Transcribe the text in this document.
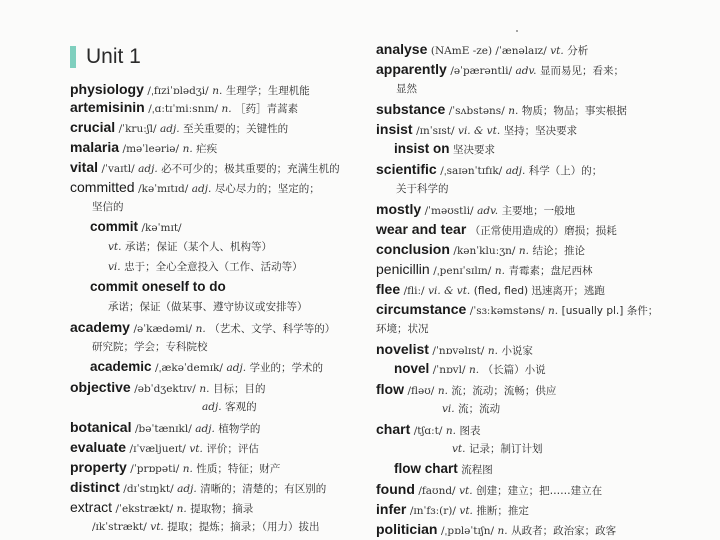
Unit 1
physiology /ˌfɪziˈɒlədʒi/ n. 生理学；生理机能
artemisinin /ˌɑːtɪˈmiːsnɪn/ n. ［药］青蒿素
crucial /ˈkruːʃl/ adj. 至关重要的；关键性的
malaria /məˈleəriə/ n. 疟疾
vital /ˈvaɪtl/ adj. 必不可少的；极其重要的；充满生机的
committed /kəˈmɪtɪd/ adj. 尽心尽力的；坚定的；
坚信的
commit /kəˈmɪt/
vt. 承诺；保证（某个人、机构等）
vi. 忠于；全心全意投入（工作、活动等）
commit oneself to do
承诺；保证（做某事、遵守协议或安排等）
academy /əˈkædəmi/ n. （艺术、文学、科学等的）
研究院；学会；专科院校
academic /ˌækəˈdemɪk/ adj. 学业的；学术的
objective /əbˈdʒektɪv/ n. 目标；目的
adj. 客观的
botanical /bəˈtænɪkl/ adj. 植物学的
evaluate /ɪˈvæljueɪt/ vt. 评价；评估
property /ˈprɒpəti/ n. 性质；特征；财产
distinct /dɪˈstɪŋkt/ adj. 清晰的；清楚的；有区别的
extract /ˈekstrækt/ n. 提取物；摘录
/ɪkˈstrækt/ vt. 提取；提炼；摘录；（用力）拔出
analyse (NAmE -ze) /ˈænəlaɪz/ vt. 分析
apparently /əˈpærəntli/ adv. 显而易见；看来；
显然
substance /ˈsʌbstəns/ n. 物质；物品；事实根据
insist /ɪnˈsɪst/ vi. & vt. 坚持；坚决要求
insist on 坚决要求
scientific /ˌsaɪənˈtɪfɪk/ adj. 科学（上）的；
关于科学的
mostly /ˈməʊstli/ adv. 主要地；一般地
wear and tear （正常使用造成的）磨损；损耗
conclusion /kənˈkluːʒn/ n. 结论；推论
penicillin /ˌpenɪˈsɪlɪn/ n. 青霉素；盘尼西林
flee /fliː/ vi. & vt. (fled, fled) 迅速离开；逃跑
circumstance /ˈsɜːkəmstəns/ n. [usually pl.] 条件；
环境；状况
novelist /ˈnɒvəlɪst/ n. 小说家
novel /ˈnɒvl/ n. （长篇）小说
flow /fləʊ/ n. 流；流动；流畅；供应
vi. 流；流动
chart /tʃɑːt/ n. 图表
vt. 记录；制订计划
flow chart 流程图
found /faʊnd/ vt. 创建；建立；把……建立在
infer /ɪnˈfɜː(r)/ vt. 推断；推定
politician /ˌpɒləˈtɪʃn/ n. 从政者；政治家；政客
